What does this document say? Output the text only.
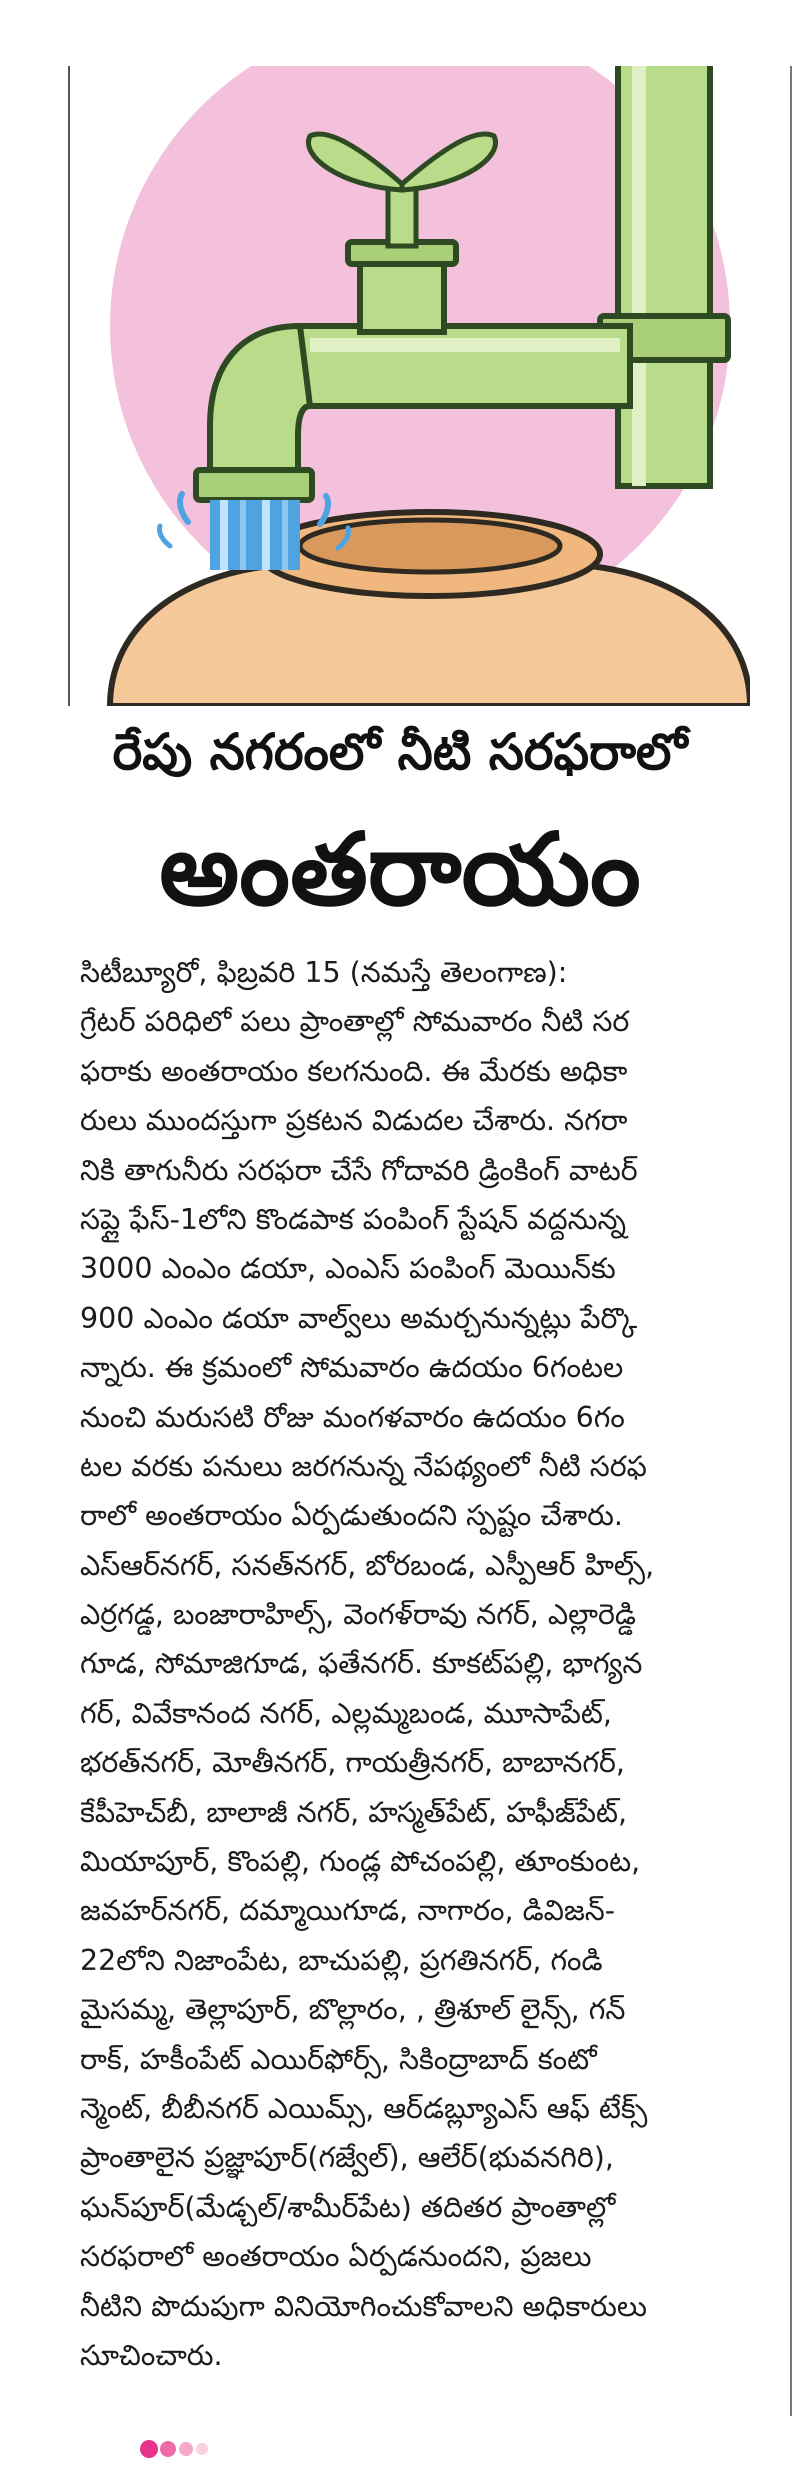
రేపు నగరంలో నీటి సరఫరాలో
అంతరాయం
సిటీబ్యూరో, ఫిబ్రవరి 15 (నమస్తే తెలంగాణ):
గ్రేటర్ పరిధిలో పలు ప్రాంతాల్లో సోమవారం నీటి సర
ఫరాకు అంతరాయం కలగనుంది. ఈ మేరకు అధికా
రులు ముందస్తుగా ప్రకటన విడుదల చేశారు. నగరా
నికి తాగునీరు సరఫరా చేసే గోదావరి డ్రింకింగ్ వాటర్
సప్లై ఫేస్-1లోని కొండపాక పంపింగ్ స్టేషన్ వద్దనున్న
3000 ఎంఎం డయా, ఎంఎస్ పంపింగ్ మెయిన్‌కు
900 ఎంఎం డయా వాల్వ్‌లు అమర్చనున్నట్లు పేర్కొ
న్నారు. ఈ క్రమంలో సోమవారం ఉదయం 6గంటల
నుంచి మరుసటి రోజు మంగళవారం ఉదయం 6గం
టల వరకు పనులు జరగనున్న నేపథ్యంలో నీటి సరఫ
రాలో అంతరాయం ఏర్పడుతుందని స్పష్టం చేశారు.
ఎస్ఆర్‌నగర్, సనత్‌నగర్, బోరబండ, ఎస్పీఆర్ హిల్స్,
ఎర్రగడ్డ, బంజారాహిల్స్, వెంగళ్‌రావు నగర్, ఎల్లారెడ్డి
గూడ, సోమాజిగూడ, ఫతేనగర్. కూకట్‌పల్లి, భాగ్యన
గర్, వివేకానంద నగర్, ఎల్లమ్మబండ, మూసాపేట్,
భరత్‌నగర్, మోతీనగర్, గాయత్రీనగర్, బాబానగర్,
కేపీహెచ్‌బీ, బాలాజీ నగర్, హస్మత్‌పేట్, హఫీజ్‌పేట్,
మియాపూర్, కొంపల్లి, గుండ్ల పోచంపల్లి, తూంకుంట,
జవహర్‌నగర్, దమ్మాయిగూడ, నాగారం, డివిజన్-
22లోని నిజాంపేట, బాచుపల్లి, ప్రగతినగర్, గండి
మైసమ్మ, తెల్లాపూర్, బొల్లారం, , త్రిశూల్ లైన్స్, గన్
రాక్, హకీంపేట్ ఎయిర్‌ఫోర్స్, సికింద్రాబాద్ కంటో
న్మెంట్, బీబీనగర్ ఎయిమ్స్, ఆర్‌డబ్ల్యూఎస్ ఆఫ్ టేక్స్
ప్రాంతాలైన ప్రజ్ఞాపూర్(గజ్వేల్), ఆలేర్(భువనగిరి),
ఘన్‌పూర్(మేడ్చల్/శామీర్‌పేట) తదితర ప్రాంతాల్లో
సరఫరాలో అంతరాయం ఏర్పడనుందని, ప్రజలు
నీటిని పొదుపుగా వినియోగించుకోవాలని అధికారులు
సూచించారు.
